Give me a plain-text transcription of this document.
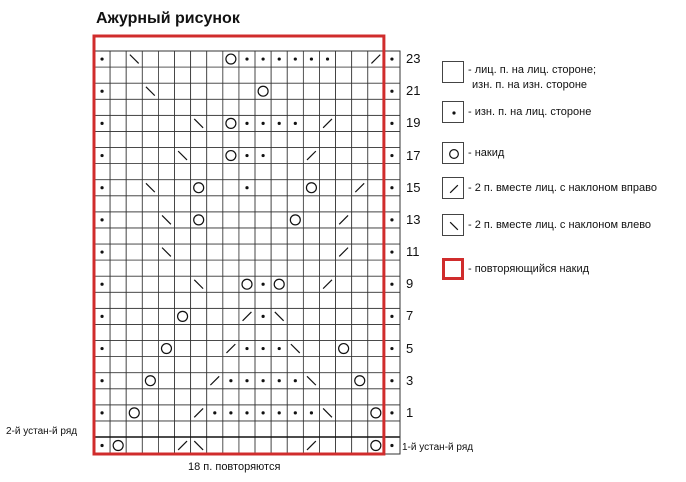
Ажурный рисунок
23
21
19
17
15
13
11
9
7
5
3
1
2-й устан-й ряд
1-й устан-й ряд
18 п. повторяются
- лиц. п. на лиц. стороне;
изн. п. на изн. стороне
- изн. п. на лиц. стороне
- накид
- 2 п. вместе лиц. с наклоном вправо
- 2 п. вместе лиц. с наклоном влево
- повторяющийся накид
